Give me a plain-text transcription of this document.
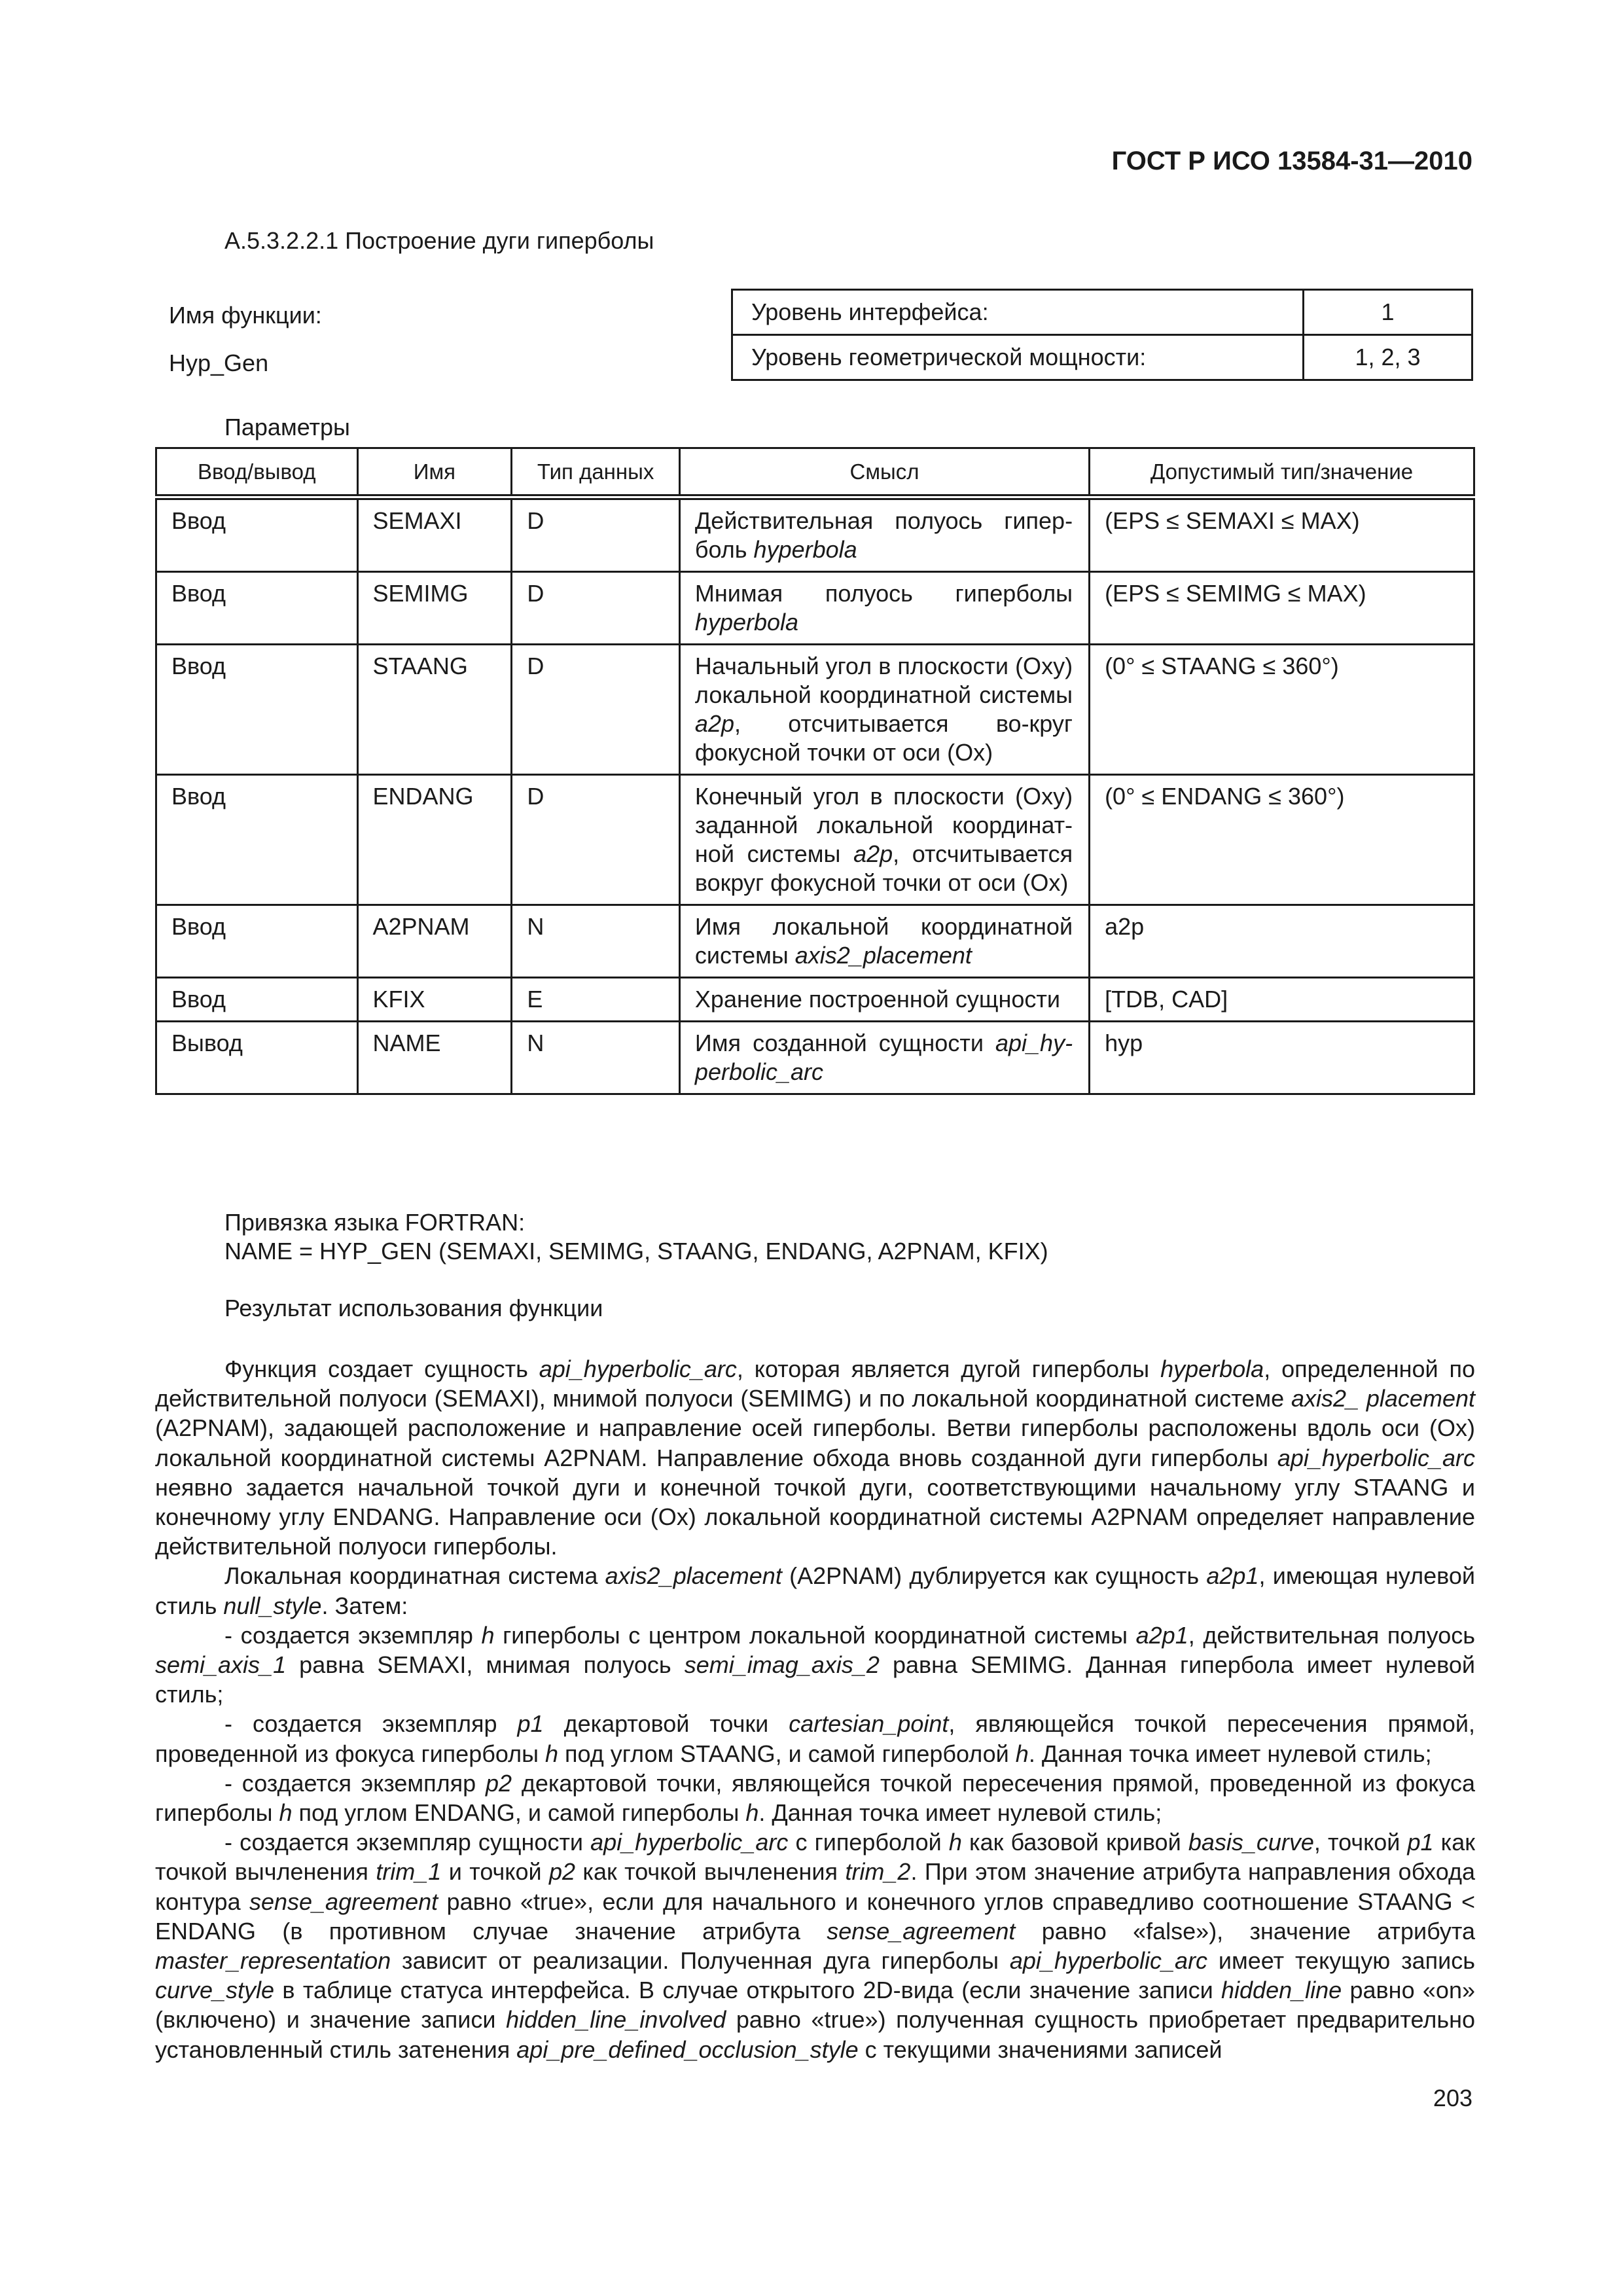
ГОСТ Р ИСО 13584-31—2010
А.5.3.2.2.1 Построение дуги гиперболы
Имя функции:
Hyp_Gen
Уровень интерфейса:	1
Уровень геометрической мощности:	1, 2, 3
Параметры
Ввод/вывод	Имя	Тип данных	Смысл	Допустимый тип/значение
Ввод	SEMAXI	D	Действительная полуось гипер-боль hyperbola	(EPS ≤ SEMAXI ≤ MAX)
Ввод	SEMIMG	D	Мнимая полуось гиперболы hyperbola	(EPS ≤ SEMIMG ≤ MAX)
Ввод	STAANG	D	Начальный угол в плоскости (Oxy) локальной координатной системы a2p, отсчитывается во-круг фокусной точки от оси (Ox)	(0° ≤ STAANG ≤ 360°)
Ввод	ENDANG	D	Конечный угол в плоскости (Oxy) заданной локальной координат-ной системы a2p, отсчитывается вокруг фокусной точки от оси (Ox)	(0° ≤ ENDANG ≤ 360°)
Ввод	A2PNAM	N	Имя локальной координатной системы axis2_placement	a2p
Ввод	KFIX	E	Хранение построенной сущности	[TDB, CAD]
Вывод	NAME	N	Имя созданной сущности api_hy-perbolic_arc	hyp
Привязка языка FORTRAN:
NAME = HYP_GEN (SEMAXI, SEMIMG, STAANG, ENDANG, A2PNAM, KFIX)
Результат использования функции

Функция создает сущность api_hyperbolic_arc, которая является дугой гиперболы hyperbola, определенной по действительной полуоси (SEMAXI), мнимой полуоси (SEMIMG) и по локальной координатной системе axis2_ placement (A2PNAM), задающей расположение и направление осей гиперболы. Ветви гиперболы расположены вдоль оси (Ox) локальной координатной системы A2PNAM. Направление обхода вновь созданной дуги гиперболы api_hyperbolic_arc неявно задается начальной точкой дуги и конечной точкой дуги, соответствующими начальному углу STAANG и конечному углу ENDANG. Направление оси (Ox) локальной координатной системы A2PNAM определяет направление действительной полуоси гиперболы.

Локальная координатная система axis2_placement (A2PNAM) дублируется как сущность a2p1, имеющая нулевой стиль null_style. Затем:

- создается экземпляр h гиперболы с центром локальной координатной системы a2p1, действительная полуось semi_axis_1 равна SEMAXI, мнимая полуось semi_imag_axis_2 равна SEMIMG. Данная гипербола имеет нулевой стиль;

- создается экземпляр p1 декартовой точки cartesian_point, являющейся точкой пересечения прямой, проведенной из фокуса гиперболы h под углом STAANG, и самой гиперболой h. Данная точка имеет нулевой стиль;

- создается экземпляр p2 декартовой точки, являющейся точкой пересечения прямой, проведенной из фокуса гиперболы h под углом ENDANG, и самой гиперболы h. Данная точка имеет нулевой стиль;

- создается экземпляр сущности api_hyperbolic_arc с гиперболой h как базовой кривой basis_curve, точкой p1 как точкой вычленения trim_1 и точкой p2 как точкой вычленения trim_2. При этом значение атрибута направления обхода контура sense_agreement равно «true», если для начального и конечного углов справедливо соотношение STAANG < ENDANG (в противном случае значение атрибута sense_agreement равно «false»), значение атрибута master_representation зависит от реализации. Полученная дуга гиперболы api_hyperbolic_arc имеет текущую запись curve_style в таблице статуса интерфейса. В случае открытого 2D-вида (если значение записи hidden_line равно «on» (включено) и значение записи hidden_line_involved равно «true») полученная сущность приобретает предварительно установленный стиль затенения api_pre_defined_occlusion_style с текущими значениями записей

203
